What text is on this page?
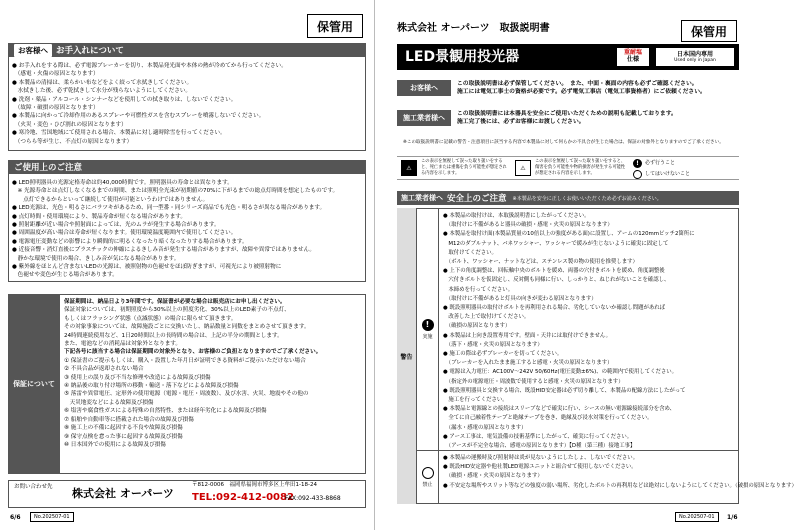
保管用
お客様へ お手入れについて
● お手入れをする際は、必ず電源ブレーカーを切り、本製品発光面や本体の熱が冷めてから行ってください。
　（感電・火傷の原因となります）
● 本製品の清掃は、柔らかい布などをよく絞って水拭きしてください。
　水拭きした後、必ず乾拭きして水分が残らないようにしてください。
● 洗剤・薬品・アルコール・シンナーなどを使用しての拭き取りは、しないでください。
　（故障・破損の原因となります）
● 本製品に向かって冷却作用のあるスプレーや可燃性ガスを含むスプレーを噴霧しないでください。
　（火災・変色・ひび割れの原因となります）
● 寒冷地、雪国地域にて使用される場合、本製品に対し適時除雪を行ってください。
　（つらら等が生じ、不点灯の原因となります）
ご使用上のご注意
● LED照明器具の光源定格寿命は約40,000時間です。照明器具の寿命とは異なります。
　※ 光源寿命とは点灯しなくなるまでの時間、または照明全光束が初期値の70%に下がるまでの総点灯時間を想定したものです。
　　点灯できるからといって継続して使用が可能というわけではありません。
● LED光源は、光色・明るさにバラツキがあるため、同一型番・同シリーズ商品でも光色・明るさが異なる場合があります。
● 点灯時間・使用環境により、製品寿命が短くなる場合があります。
● 照射距離が近い場合や照射面によっては、光のムラが発生する場合があります。
● 周囲温度が高い場合は寿命が短くなります。使用環境温度範囲内で使用してください。
● 電源電圧変動などの影響により瞬間的に明るくなったり暗くなったりする場合があります。
● 近接音響・消灯直後にプラスチックの伸縮によるきしみ音が発生する場合がありますが、故障や異常ではありません。
　静かな環境で使用の場合、きしみ音が気になる場合があります。
● 紫外線をほとんど含まないLEDの光源は、被照射物の色褪せをほぼ防ぎますが、可視光により被照射物に
　色褪せや変色が生じる場合があります。
保証について
保証期間は、納品日より3年間です。保証書が必要な場合は販売店にお申し出ください。
保証対象については、初期照度から30%以上の照度劣化、30%以上のLED素子の不点灯、
もしくはフラッシング状態（点滅状態）の場合に限らせて頂きます。
その対象事象については、故障施設ごとに交換いたし、納品数量と同数をまとめさせて頂きます。
24時間連続使用など、1日20時間以上の長時間の場合は、上記の半分の期間とします。
また、電池などの消耗品は対象外となります。
下記各号に該当する場合は保証期間の対象外となり、お客様のご負担となりますのでご了承ください。
① 保証書のご提示もしくは、購入・設置した年月日が証明できる資料がご提示いただけない場合
② 不具合品が返却されない場合
③ 使用上の誤り及び不当な修理や改造による故障及び損傷
④ 納品後の取り付け場所の移動・輸送・落下などによる故障及び損傷
⑤ 落雷や異常電圧、定形外の使用電源（電源・電圧・周波数）、及び水害、火災、地震やその他の
　天災地変などによる故障及び損傷
⑥ 塩害や腐食性ガスによる特殊の自然特性、または経年劣化による故障及び損傷
⑦ 船舶や自動車等に搭載された場合の故障及び損傷
⑧ 施工上の不備に起因する不良や故障及び損傷
⑨ 保守点検を怠った事に起因する故障及び損傷
⑩ 日本国外での使用による故障及び損傷
お問い合わせ先 株式会社 オーパーツ
〒812-0006　福岡県福岡市博多区上牟田1-18-24
TEL:092-412-0082
FAX:092-433-8868
6/6	No.202507-01
株式会社 オーパーツ　取扱説明書	保管用
LED景観用投光器	重耐塩
仕様
日本国内専用
Used only in Japan
お客様へ	この取扱説明書は必ず保管してください。　また、中面・裏面の内容も必ずご確認ください。
施工には電気工事士の資格が必要です。必ず電気工事店（電気工事資格者）にご依頼ください。
施工業者様へ この取扱説明書には本器具を安全にご使用いただくための説明も記載しております。
施工完了後には、必ずお客様にお渡しください。
※この取扱説明書に記載の警告・注意項目に該当する内容で本製品に対して何らかの不具合が生じた場合は、保証の対象外となりますのでご了承ください。
⚠
この表示を無視して誤った取り扱いをすると、死亡または重傷を負う可能性が想定される内容を示します。
⚠
この表示を無視して誤った取り扱いをすると、傷害を負う可能性や物的損害が発生する可能性が想定される内容を示します。
!	必ず行うこと
してはいけないこと
施工業者様へ 安全上のご注意 ※本製品を安全に正しくお使いいただくため必ずお読みください。
警告
!
実施
禁止
● 本製品の取付けは、本取扱説明書にしたがってください。
　（取付けに不備があると器具の破損・感電・火災の原因となります）
● 本製品を取付け面(本製品質量の10倍以上の強度がある面)に設置し、アームの120mmピッチ2箇所に
　M12のダブルナット、バネワッシャー、ワッシャーで緩みが生じないように確実に固定して
　取付けてください。
　（ボルト、ワッシャー、ナットなどは、ステンレス製の物の使用を推奨します）
● 上下の角度調整は、回転軸中央のボルトを緩め、両器の穴付きボルトを緩め、角度調整後
　穴付きボルトを仮固定し、反対側も同様に行い、しっかりと、ねじれがないことを確認し、
　本締めを行ってください。
　（取付けに不備があると灯具の向きが変わる原因となります）
● 既設照明器具の取付けボルトを再利用される場合、劣化していないか確認し問題があれば
　改善した上で取付けてください。
　（破損の原因となります）
● 本製品は上向き設置専用です。壁面・天井には取付けできません。
　（落下・感電・火災の原因となります）
● 施工の際は必ずブレーカーを切ってください。
　（ブレーカーを入れたまま施工すると感電・火災の原因となります）
● 電源は入力電圧：AC100V〜242V 50/60Hz(電圧変動±6%)、の範囲内で使用してください。
　（指定外の電源電圧・周波数で使用すると感電・火災の原因となります）
● 既設照明器具と交換する場合、既設HID安定器は必ず切り離して、本製品の配線方法にしたがって
　施工を行ってください。
● 本製品と電源線との接続はスリーブなどで確実に行い、シースの無い電源線接続部分を含め、
　全てに自己融着性テープと絶縁テープを巻き、絶縁及び浸水対策を行ってください。
　（漏水・感電の原因となります）
● アース工事は、電気設備の技術基準にしたがって、確実に行ってください。
　（アースが不完全な場合、感電の原因となります）【D種（第三種）接地工事】
● 本製品の運搬時及び照射時は炎が見ないようにしたしょ、しないでください。
● 既設HID安定器や他社製LED電源ユニットと組合せて使用しないでください。
　（破損・感電・火災の原因となります）
● 不安定な場所やスリット等などの強度の弱い場所、劣化したボルトの再利用などは絶対にしないようにしてください。（破損の原因となります）
No.202507-01	1/6
